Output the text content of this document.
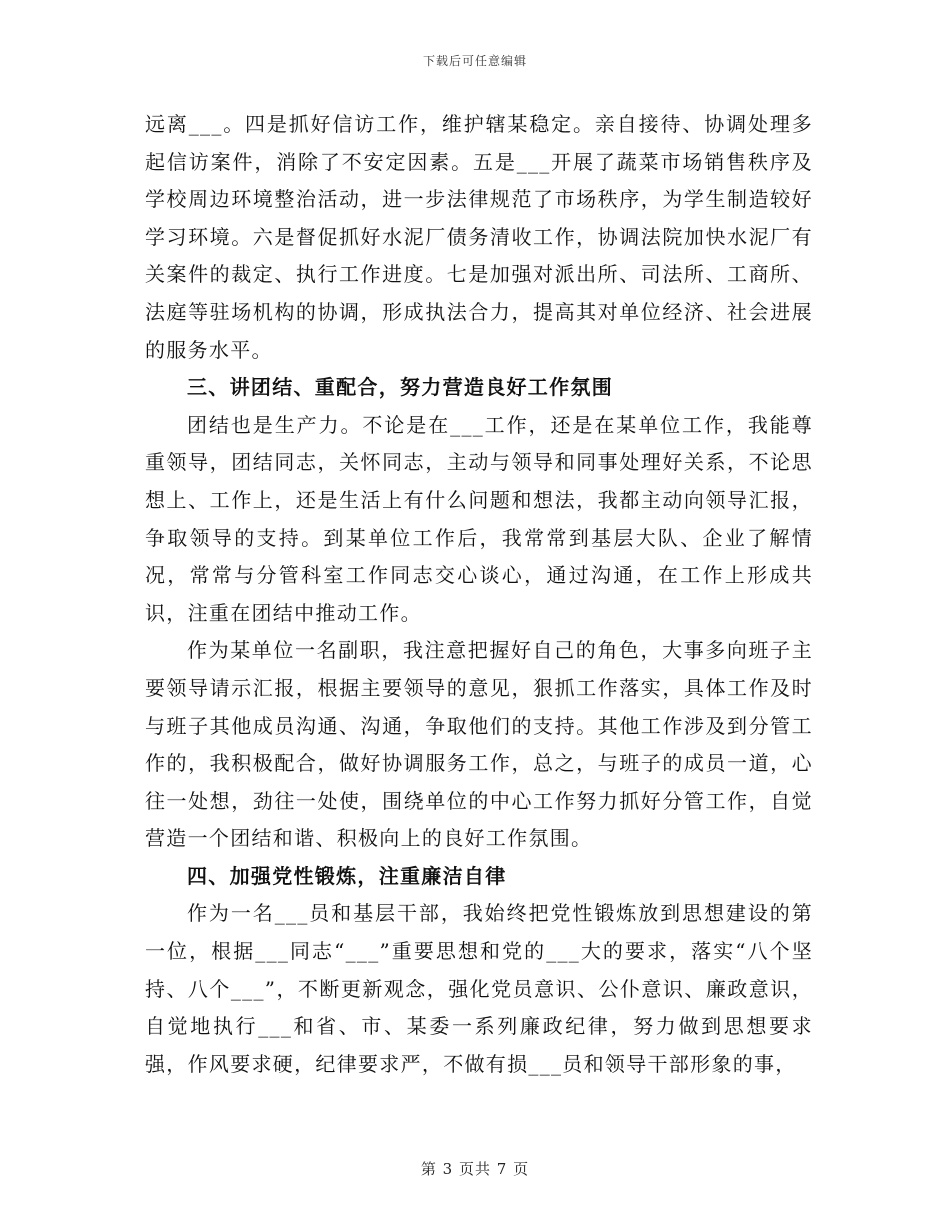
下载后可任意编辑

远离___。四是抓好信访工作，维护辖某稳定。亲自接待、协调处理多起信访案件，消除了不安定因素。五是___开展了蔬菜市场销售秩序及学校周边环境整治活动，进一步法律规范了市场秩序，为学生制造较好学习环境。六是督促抓好水泥厂债务清收工作，协调法院加快水泥厂有关案件的裁定、执行工作进度。七是加强对派出所、司法所、工商所、法庭等驻场机构的协调，形成执法合力，提高其对单位经济、社会进展的服务水平。

三、讲团结、重配合，努力营造良好工作氛围

团结也是生产力。不论是在___工作，还是在某单位工作，我能尊重领导，团结同志，关怀同志，主动与领导和同事处理好关系，不论思想上、工作上，还是生活上有什么问题和想法，我都主动向领导汇报，争取领导的支持。到某单位工作后，我常常到基层大队、企业了解情况，常常与分管科室工作同志交心谈心，通过沟通，在工作上形成共识，注重在团结中推动工作。

作为某单位一名副职，我注意把握好自己的角色，大事多向班子主要领导请示汇报，根据主要领导的意见，狠抓工作落实，具体工作及时与班子其他成员沟通、沟通，争取他们的支持。其他工作涉及到分管工作的，我积极配合，做好协调服务工作，总之，与班子的成员一道，心往一处想，劲往一处使，围绕单位的中心工作努力抓好分管工作，自觉营造一个团结和谐、积极向上的良好工作氛围。

四、加强党性锻炼，注重廉洁自律

作为一名___员和基层干部，我始终把党性锻炼放到思想建设的第一位，根据___同志“___”重要思想和党的___大的要求，落实“八个坚持、八个___”，不断更新观念，强化党员意识、公仆意识、廉政意识，自觉地执行___和省、市、某委一系列廉政纪律，努力做到思想要求强，作风要求硬，纪律要求严，不做有损___员和领导干部形象的事，

第 3 页共 7 页
